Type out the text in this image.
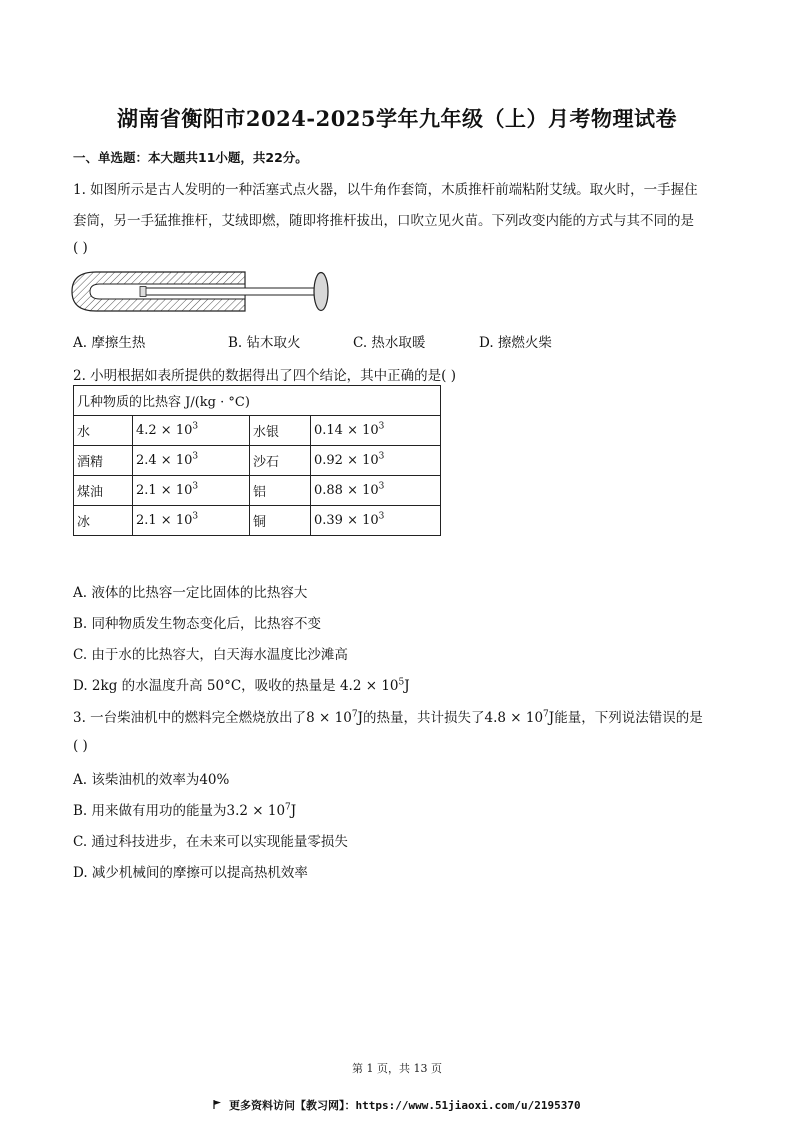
湖南省衡阳市2024-2025学年九年级（上）月考物理试卷
一、单选题：本大题共11小题，共22分。
1. 如图所示是古人发明的一种活塞式点火器，以牛角作套筒，木质推杆前端粘附艾绒。取火时，一手握住
套筒，另一手猛推推杆，艾绒即燃，随即将推杆拔出，口吹立见火苗。下列改变内能的方式与其不同的是
( )
A. 摩擦生热	B. 钻木取火	C. 热水取暖	D. 擦燃火柴
2. 小明根据如表所提供的数据得出了四个结论，其中正确的是( )
几种物质的比热容 J/(kg · °C)			
水	$4.2 \times 10^3$	水银	$0.14 \times 10^3$
酒精	$2.4 \times 10^3$	沙石	$0.92 \times 10^3$
煤油	$2.1 \times 10^3$	铝	$0.88 \times 10^3$
冰	$2.1 \times 10^3$	铜	$0.39 \times 10^3$
A. 液体的比热容一定比固体的比热容大
B. 同种物质发生物态变化后，比热容不变
C. 由于水的比热容大，白天海水温度比沙滩高
D. 2kg 的水温度升高 50°C，吸收的热量是 $4.2 \times 10^5J$
3. 一台柴油机中的燃料完全燃烧放出了$8 \times 10^7J$的热量，共计损失了$4.8 \times 10^7J$能量，下列说法错误的是
( )
A. 该柴油机的效率为40%
B. 用来做有用功的能量为$3.2 \times 10^7J$
C. 通过科技进步，在未来可以实现能量零损失
D. 减少机械间的摩擦可以提高热机效率
第 1 页，共 13 页
更多资料访问【教习网】：https://www.51jiaoxi.com/u/2195370
